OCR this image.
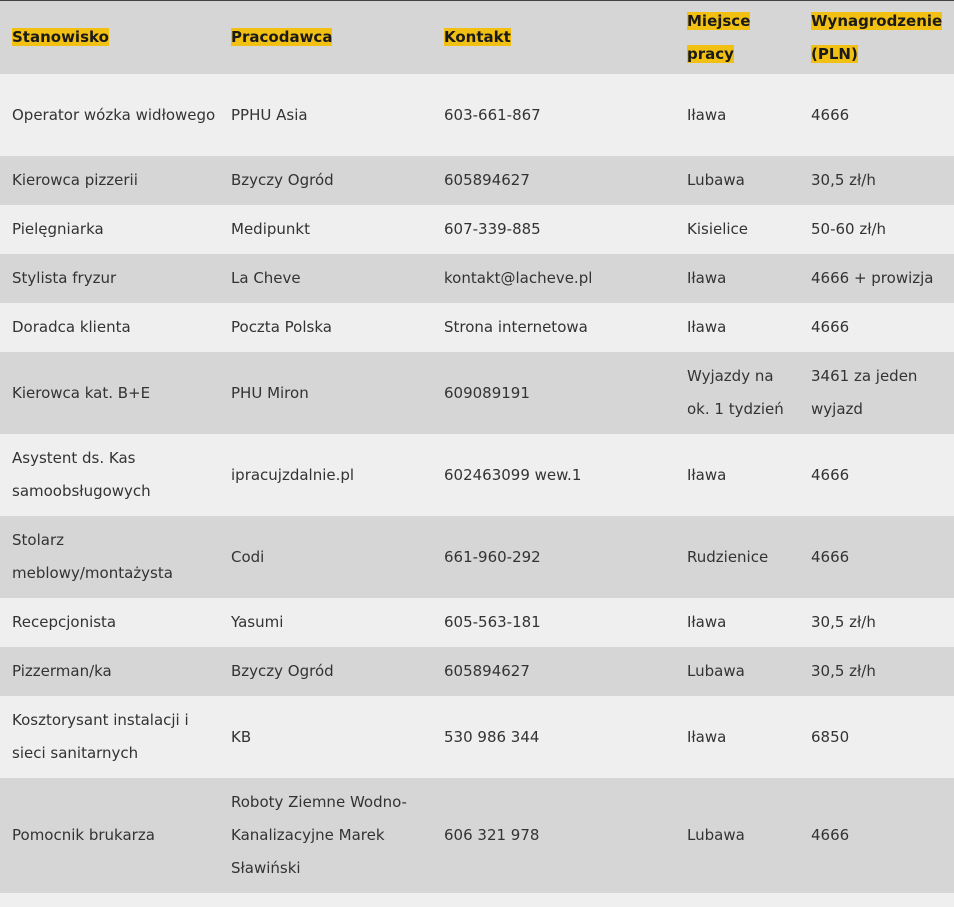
Stanowisko	Pracodawca	Kontakt	Miejsce pracy	Wynagrodzenie (PLN)
Operator wózka widłowego	PPHU Asia	603-661-867	Iława	4666
Kierowca pizzerii	Bzyczy Ogród	605894627	Lubawa	30,5 zł/h
Pielęgniarka	Medipunkt	607-339-885	Kisielice	50-60 zł/h
Stylista fryzur	La Cheve	kontakt@lacheve.pl	Iława	4666 + prowizja
Doradca klienta	Poczta Polska	Strona internetowa	Iława	4666
Kierowca kat. B+E	PHU Miron	609089191	Wyjazdy na ok. 1 tydzień	3461 za jeden wyjazd
Asystent ds. Kas samoobsługowych	ipracujzdalnie.pl	602463099 wew.1	Iława	4666
Stolarz meblowy/montażysta	Codi	661-960-292	Rudzienice	4666
Recepcjonista	Yasumi	605-563-181	Iława	30,5 zł/h
Pizzerman/ka	Bzyczy Ogród	605894627	Lubawa	30,5 zł/h
Kosztorysant instalacji i sieci sanitarnych	KB	530 986 344	Iława	6850
Pomocnik brukarza	Roboty Ziemne Wodno-Kanalizacyjne Marek Sławiński	606 321 978	Lubawa	4666
